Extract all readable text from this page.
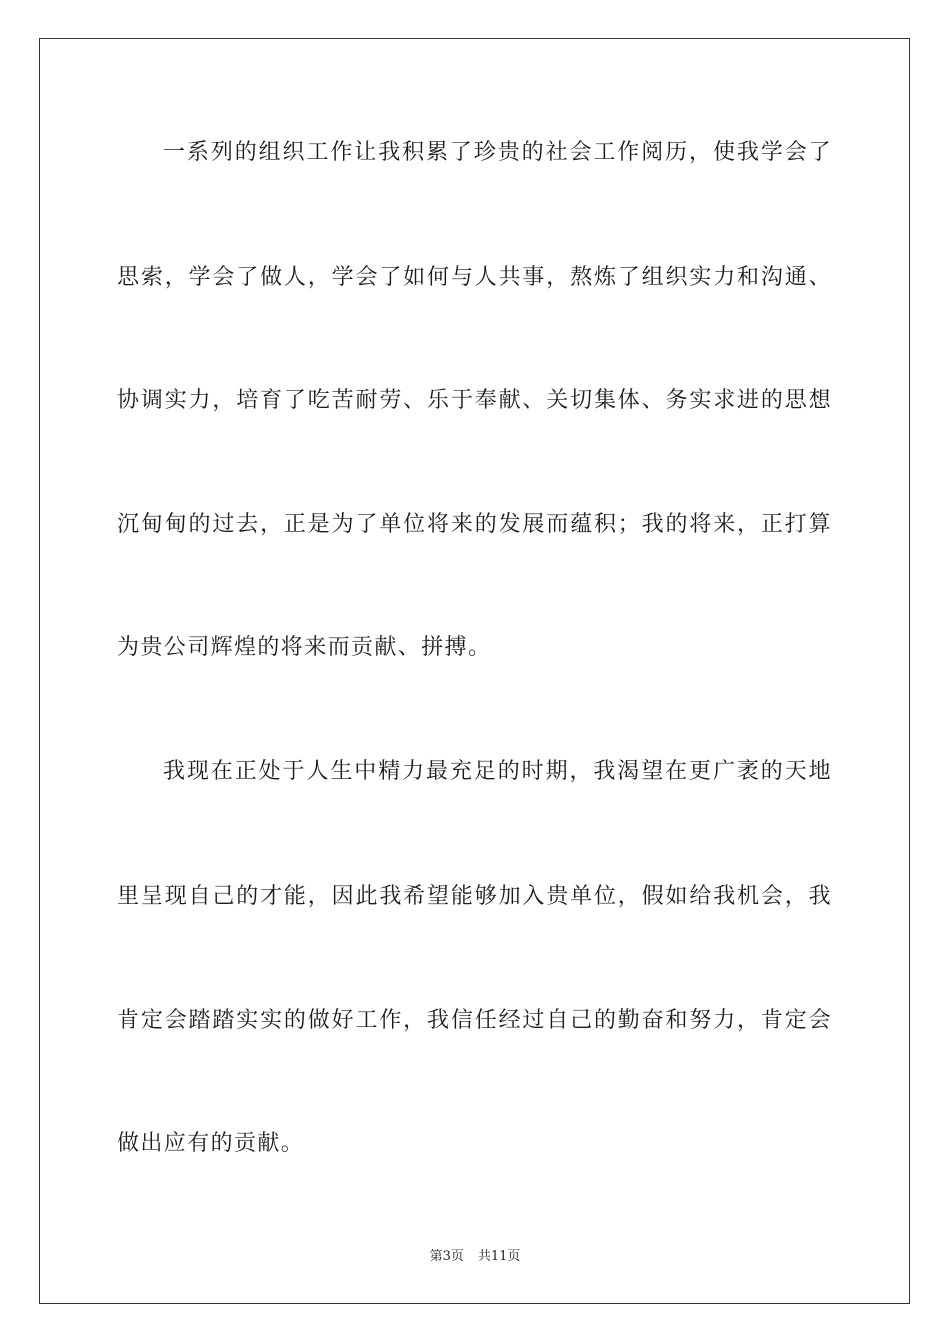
一系列的组织工作让我积累了珍贵的社会工作阅历，使我学会了
思索，学会了做人，学会了如何与人共事，熬炼了组织实力和沟通、
协调实力，培育了吃苦耐劳、乐于奉献、关切集体、务实求进的思想
沉甸甸的过去，正是为了单位将来的发展而蕴积；我的将来，正打算
为贵公司辉煌的将来而贡献、拼搏。
我现在正处于人生中精力最充足的时期，我渴望在更广袤的天地
里呈现自己的才能，因此我希望能够加入贵单位，假如给我机会，我
肯定会踏踏实实的做好工作，我信任经过自己的勤奋和努力，肯定会
做出应有的贡献。
第3页 共11页
